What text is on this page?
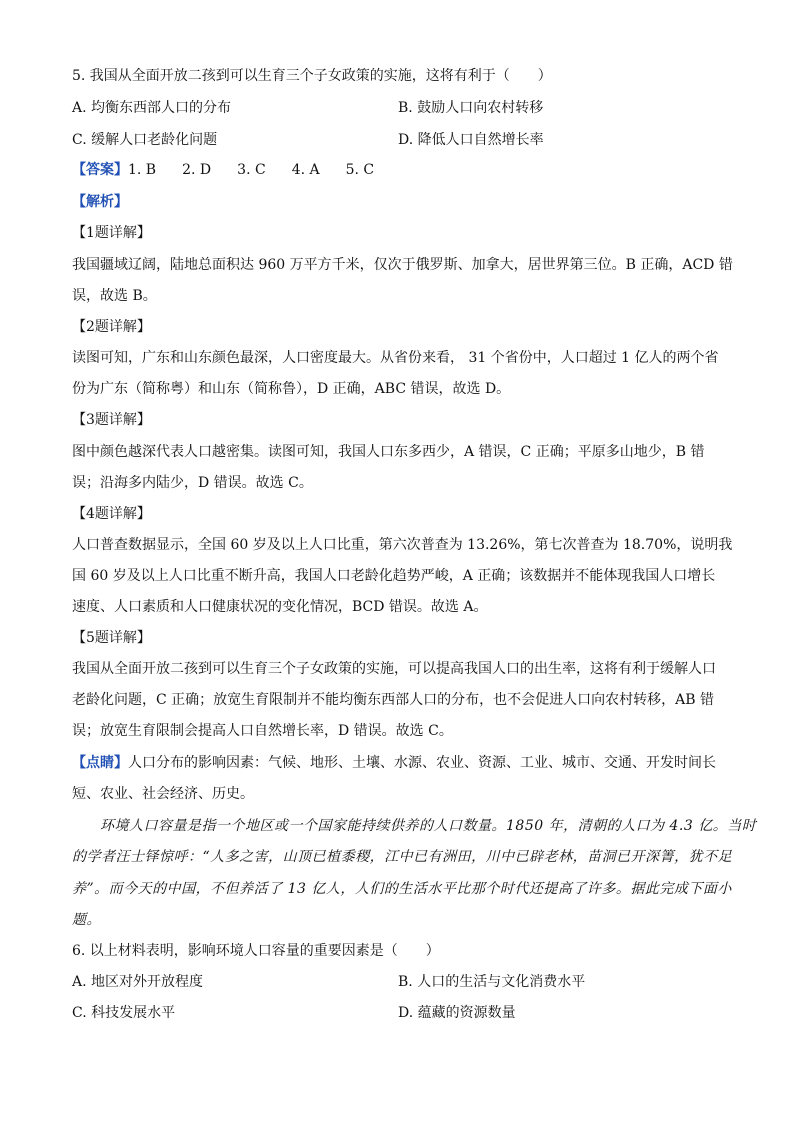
5. 我国从全面开放二孩到可以生育三个子女政策的实施，这将有利于（　　）
A. 均衡东西部人口的分布	B. 鼓励人口向农村转移
C. 缓解人口老龄化问题	D. 降低人口自然增长率
【答案】1. B 2. D 3. C 4. A 5. C
【解析】
【1题详解】
我国疆域辽阔，陆地总面积达 960 万平方千米，仅次于俄罗斯、加拿大，居世界第三位。B 正确，ACD 错
误，故选 B。
【2题详解】
读图可知，广东和山东颜色最深，人口密度最大。从省份来看， 31 个省份中，人口超过 1 亿人的两个省
份为广东（简称粤）和山东（简称鲁），D 正确，ABC 错误，故选 D。
【3题详解】
图中颜色越深代表人口越密集。读图可知，我国人口东多西少，A 错误，C 正确；平原多山地少，B 错
误；沿海多内陆少，D 错误。故选 C。
【4题详解】
人口普查数据显示，全国 60 岁及以上人口比重，第六次普查为 13.26%，第七次普查为 18.70%，说明我
国 60 岁及以上人口比重不断升高，我国人口老龄化趋势严峻，A 正确；该数据并不能体现我国人口增长
速度、人口素质和人口健康状况的变化情况，BCD 错误。故选 A。
【5题详解】
我国从全面开放二孩到可以生育三个子女政策的实施，可以提高我国人口的出生率，这将有利于缓解人口
老龄化问题，C 正确；放宽生育限制并不能均衡东西部人口的分布，也不会促进人口向农村转移，AB 错
误；放宽生育限制会提高人口自然增长率，D 错误。故选 C。
【点睛】人口分布的影响因素：气候、地形、土壤、水源、农业、资源、工业、城市、交通、开发时间长
短、农业、社会经济、历史。
环境人口容量是指一个地区或一个国家能持续供养的人口数量。1850 年，清朝的人口为 4.3 亿。当时
的学者汪士铎惊呼：“人多之害，山顶已植黍稷，江中已有洲田，川中已辟老林，苗洞已开深箐，犹不足
养”。而今天的中国，不但养活了 13 亿人，人们的生活水平比那个时代还提高了许多。据此完成下面小
题。
6. 以上材料表明，影响环境人口容量的重要因素是（　　）
A. 地区对外开放程度	B. 人口的生活与文化消费水平
C. 科技发展水平	D. 蕴藏的资源数量
